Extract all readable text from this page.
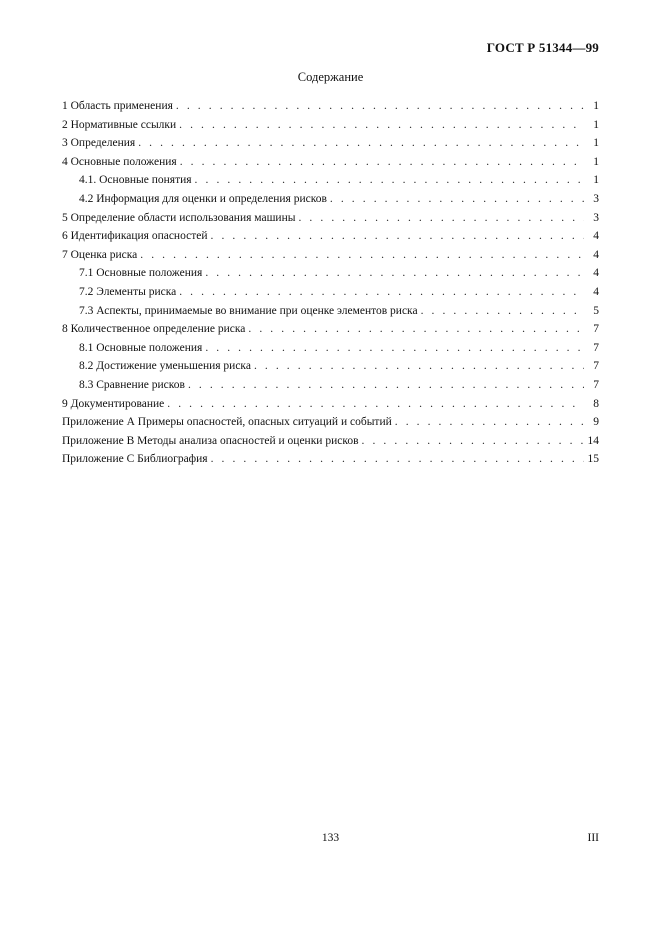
ГОСТ Р 51344—99
Содержание
1 Область применения . . .	1
2 Нормативные ссылки . . .	1
3 Определения . . .	1
4 Основные положения . . .	1
4.1. Основные понятия . . .	1
4.2 Информация для оценки и определения рисков . . .	3
5 Определение области использования машины . . .	3
6 Идентификация опасностей . . .	4
7 Оценка риска . . .	4
7.1 Основные положения . . .	4
7.2 Элементы риска . . .	4
7.3 Аспекты, принимаемые во внимание при оценке элементов риска . . .	5
8 Количественное определение риска . . .	7
8.1 Основные положения . . .	7
8.2 Достижение уменьшения риска . . .	7
8.3 Сравнение рисков . . .	7
9 Документирование . . .	8
Приложение А Примеры опасностей, опасных ситуаций и событий . . .	9
Приложение В Методы анализа опасностей и оценки рисков . . .	14
Приложение С Библиография . . .	15
133	III
